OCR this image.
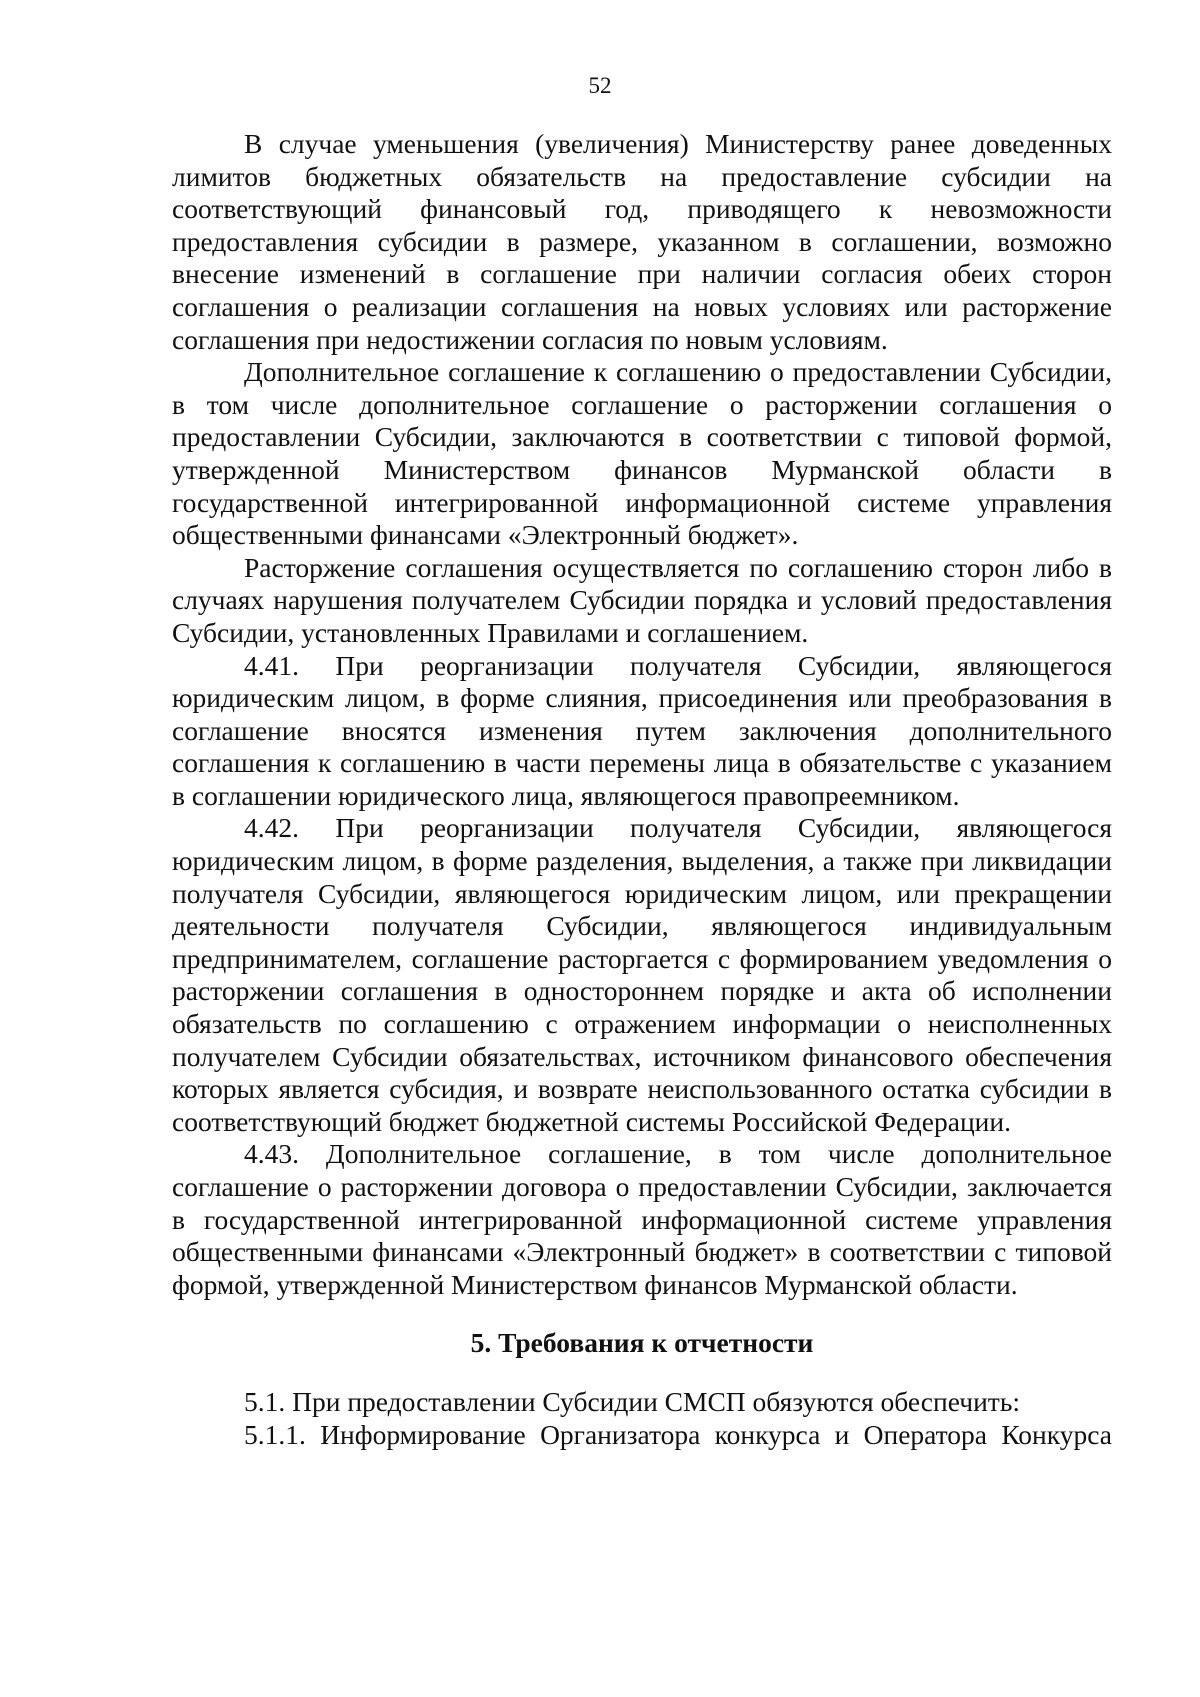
52

В случае уменьшения (увеличения) Министерству ранее доведенных лимитов бюджетных обязательств на предоставление субсидии на соответствующий финансовый год, приводящего к невозможности предоставления субсидии в размере, указанном в соглашении, возможно внесение изменений в соглашение при наличии согласия обеих сторон соглашения о реализации соглашения на новых условиях или расторжение соглашения при недостижении согласия по новым условиям.

Дополнительное соглашение к соглашению о предоставлении Субсидии, в том числе дополнительное соглашение о расторжении соглашения о предоставлении Субсидии, заключаются в соответствии с типовой формой, утвержденной Министерством финансов Мурманской области в государственной интегрированной информационной системе управления общественными финансами «Электронный бюджет».

Расторжение соглашения осуществляется по соглашению сторон либо в случаях нарушения получателем Субсидии порядка и условий предоставления Субсидии, установленных Правилами и соглашением.

4.41. При реорганизации получателя Субсидии, являющегося юридическим лицом, в форме слияния, присоединения или преобразования в соглашение вносятся изменения путем заключения дополнительного соглашения к соглашению в части перемены лица в обязательстве с указанием в соглашении юридического лица, являющегося правопреемником.

4.42. При реорганизации получателя Субсидии, являющегося юридическим лицом, в форме разделения, выделения, а также при ликвидации получателя Субсидии, являющегося юридическим лицом, или прекращении деятельности получателя Субсидии, являющегося индивидуальным предпринимателем, соглашение расторгается с формированием уведомления о расторжении соглашения в одностороннем порядке и акта об исполнении обязательств по соглашению с отражением информации о неисполненных получателем Субсидии обязательствах, источником финансового обеспечения которых является субсидия, и возврате неиспользованного остатка субсидии в соответствующий бюджет бюджетной системы Российской Федерации.

4.43. Дополнительное соглашение, в том числе дополнительное соглашение о расторжении договора о предоставлении Субсидии, заключается в государственной интегрированной информационной системе управления общественными финансами «Электронный бюджет» в соответствии с типовой формой, утвержденной Министерством финансов Мурманской области.

5. Требования к отчетности

5.1. При предоставлении Субсидии СМСП обязуются обеспечить:

5.1.1. Информирование Организатора конкурса и Оператора Конкурса
